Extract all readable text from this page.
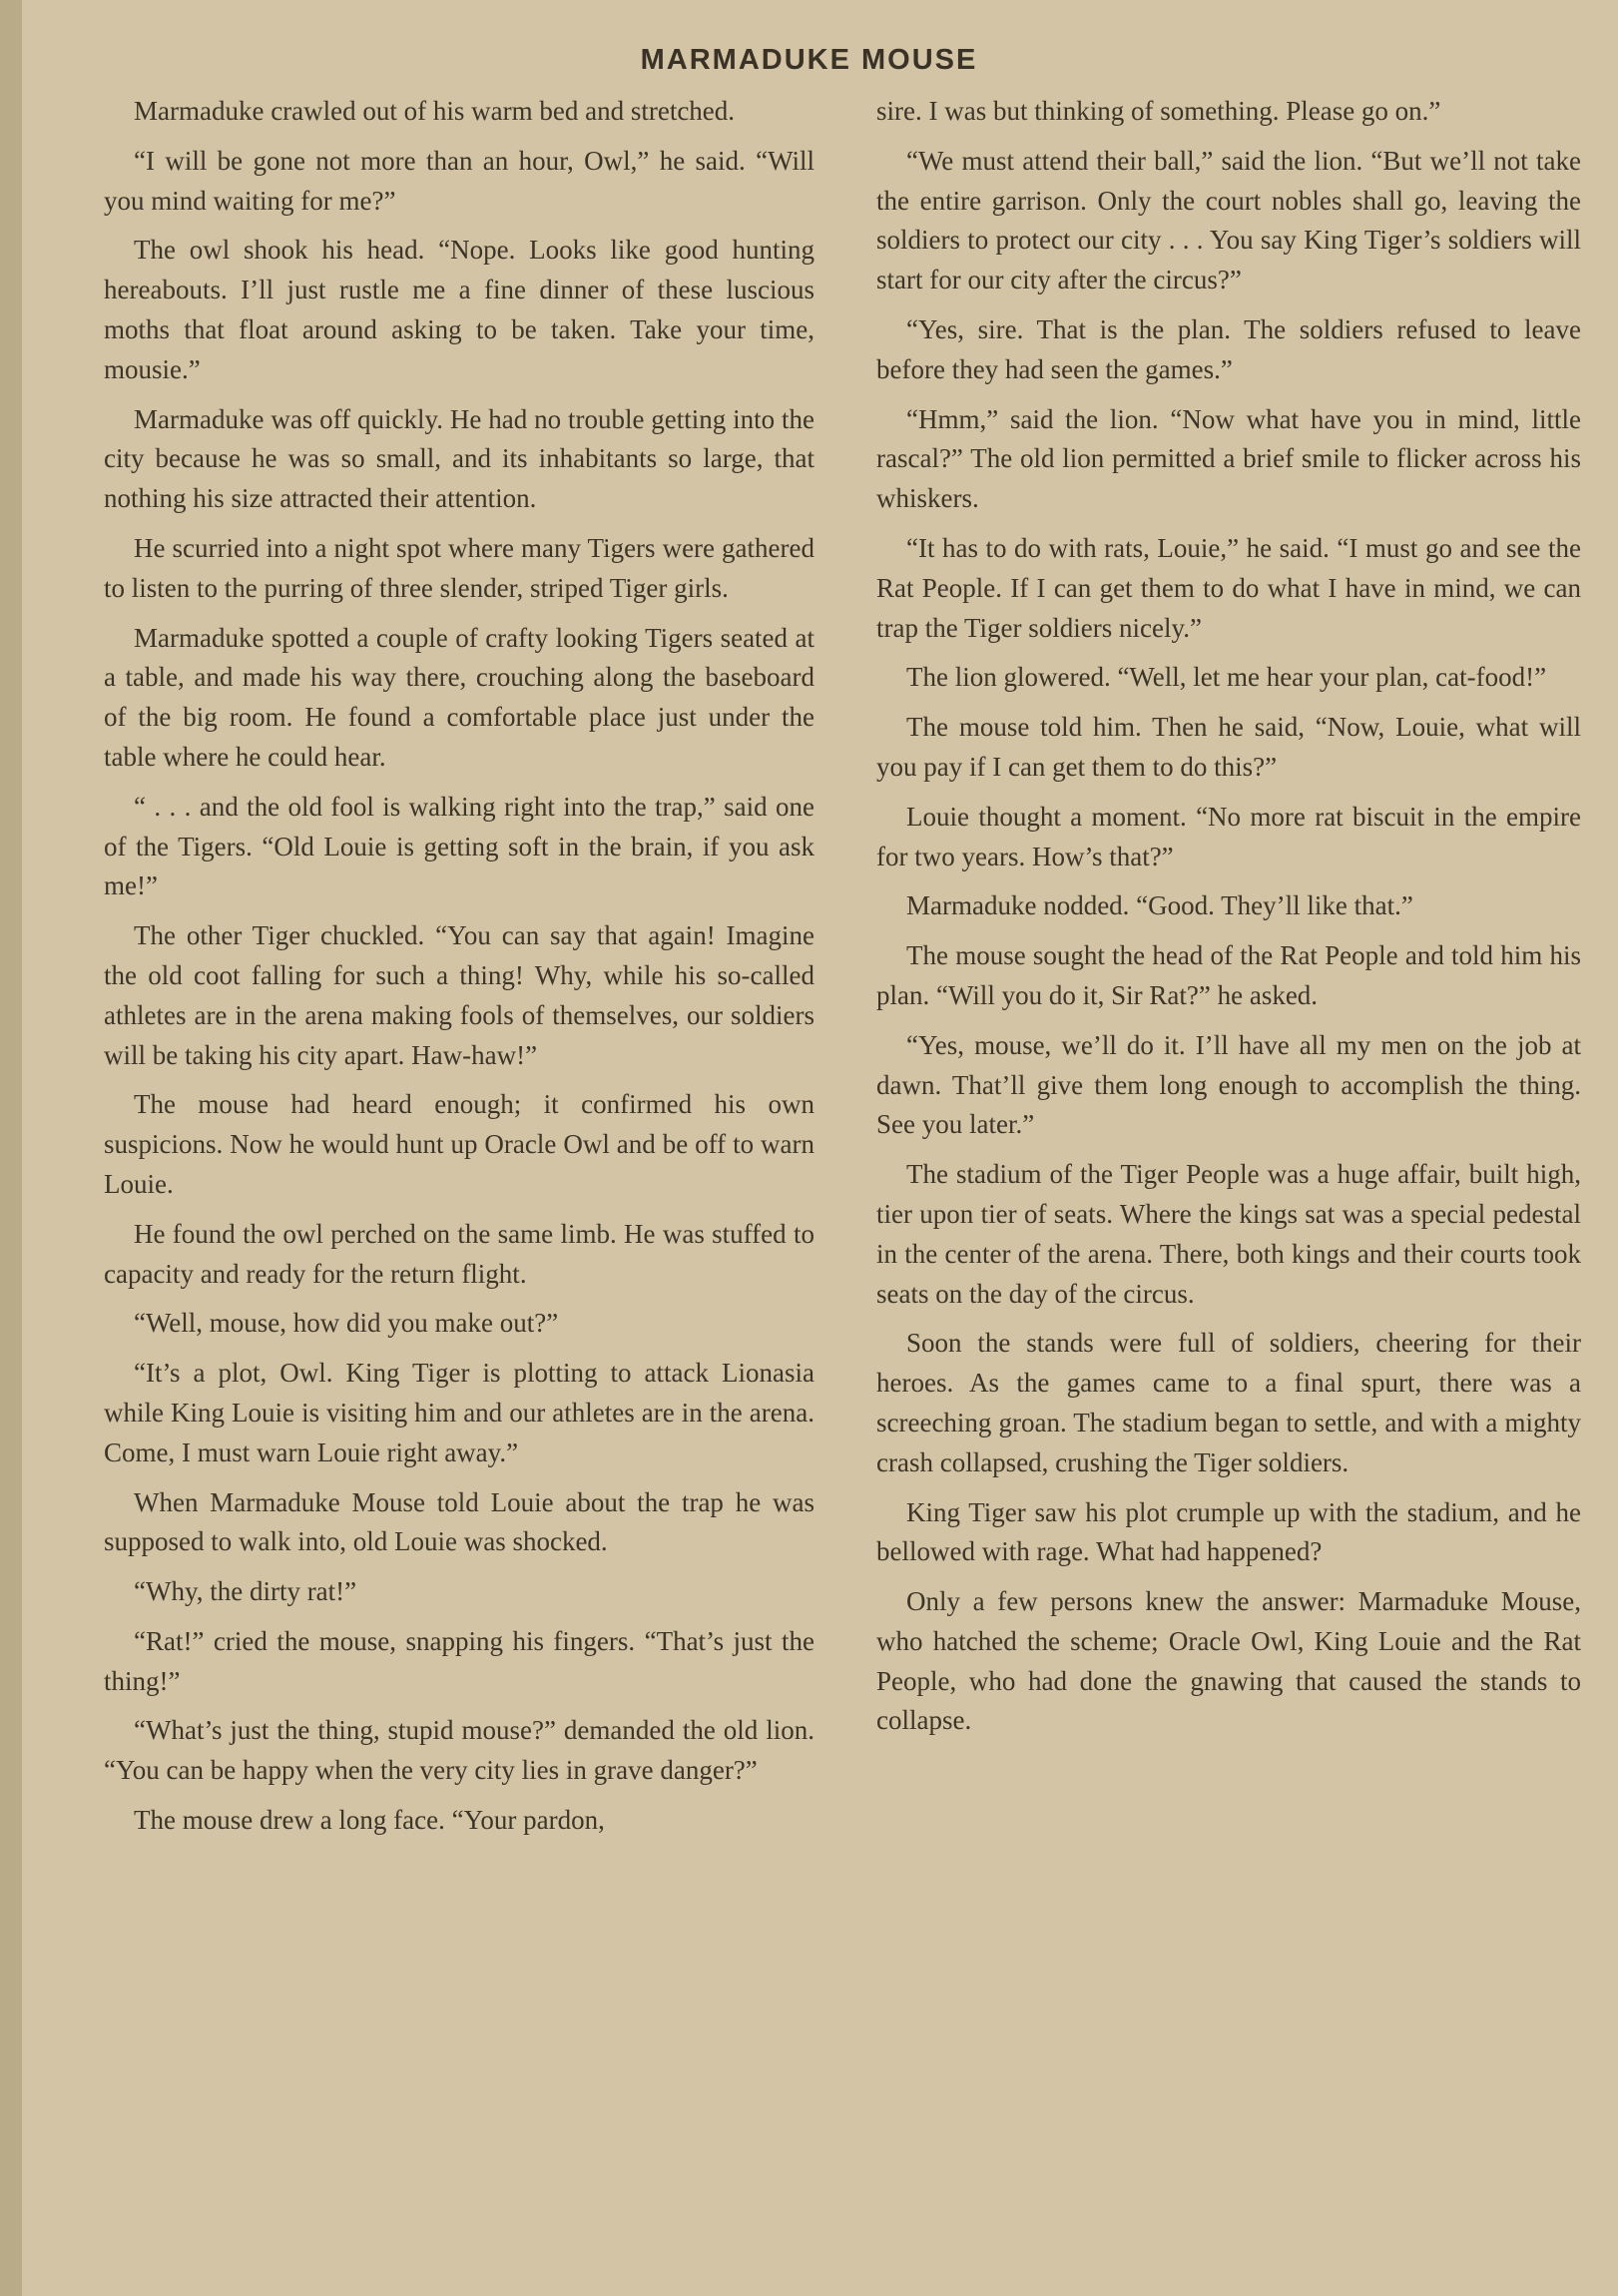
MARMADUKE MOUSE

Marmaduke crawled out of his warm bed and stretched.

“I will be gone not more than an hour, Owl,” he said. “Will you mind waiting for me?”

The owl shook his head. “Nope. Looks like good hunting hereabouts. I’ll just rustle me a fine dinner of these luscious moths that float around asking to be taken. Take your time, mousie.”

Marmaduke was off quickly. He had no trouble getting into the city because he was so small, and its inhabitants so large, that nothing his size attracted their attention.

He scurried into a night spot where many Tigers were gathered to listen to the purring of three slender, striped Tiger girls.

Marmaduke spotted a couple of crafty looking Tigers seated at a table, and made his way there, crouching along the baseboard of the big room. He found a comfortable place just under the table where he could hear.

“ . . . and the old fool is walking right into the trap,” said one of the Tigers. “Old Louie is getting soft in the brain, if you ask me!”

The other Tiger chuckled. “You can say that again! Imagine the old coot falling for such a thing! Why, while his so-called athletes are in the arena making fools of themselves, our soldiers will be taking his city apart. Haw-haw!”

The mouse had heard enough; it confirmed his own suspicions. Now he would hunt up Oracle Owl and be off to warn Louie.

He found the owl perched on the same limb. He was stuffed to capacity and ready for the return flight.

“Well, mouse, how did you make out?”

“It’s a plot, Owl. King Tiger is plotting to attack Lionasia while King Louie is visiting him and our athletes are in the arena. Come, I must warn Louie right away.”

When Marmaduke Mouse told Louie about the trap he was supposed to walk into, old Louie was shocked.

“Why, the dirty rat!”

“Rat!” cried the mouse, snapping his fingers. “That’s just the thing!”

“What’s just the thing, stupid mouse?” demanded the old lion. “You can be happy when the very city lies in grave danger?”

The mouse drew a long face. “Your pardon,

sire. I was but thinking of something. Please go on.”

“We must attend their ball,” said the lion. “But we’ll not take the entire garrison. Only the court nobles shall go, leaving the soldiers to protect our city . . . You say King Tiger’s soldiers will start for our city after the circus?”

“Yes, sire. That is the plan. The soldiers refused to leave before they had seen the games.”

“Hmm,” said the lion. “Now what have you in mind, little rascal?” The old lion permitted a brief smile to flicker across his whiskers.

“It has to do with rats, Louie,” he said. “I must go and see the Rat People. If I can get them to do what I have in mind, we can trap the Tiger soldiers nicely.”

The lion glowered. “Well, let me hear your plan, cat-food!”

The mouse told him. Then he said, “Now, Louie, what will you pay if I can get them to do this?”

Louie thought a moment. “No more rat biscuit in the empire for two years. How’s that?”

Marmaduke nodded. “Good. They’ll like that.”

The mouse sought the head of the Rat People and told him his plan. “Will you do it, Sir Rat?” he asked.

“Yes, mouse, we’ll do it. I’ll have all my men on the job at dawn. That’ll give them long enough to accomplish the thing. See you later.”

The stadium of the Tiger People was a huge affair, built high, tier upon tier of seats. Where the kings sat was a special pedestal in the center of the arena. There, both kings and their courts took seats on the day of the circus.

Soon the stands were full of soldiers, cheering for their heroes. As the games came to a final spurt, there was a screeching groan. The stadium began to settle, and with a mighty crash collapsed, crushing the Tiger soldiers.

King Tiger saw his plot crumple up with the stadium, and he bellowed with rage. What had happened?

Only a few persons knew the answer: Marmaduke Mouse, who hatched the scheme; Oracle Owl, King Louie and the Rat People, who had done the gnawing that caused the stands to collapse.
